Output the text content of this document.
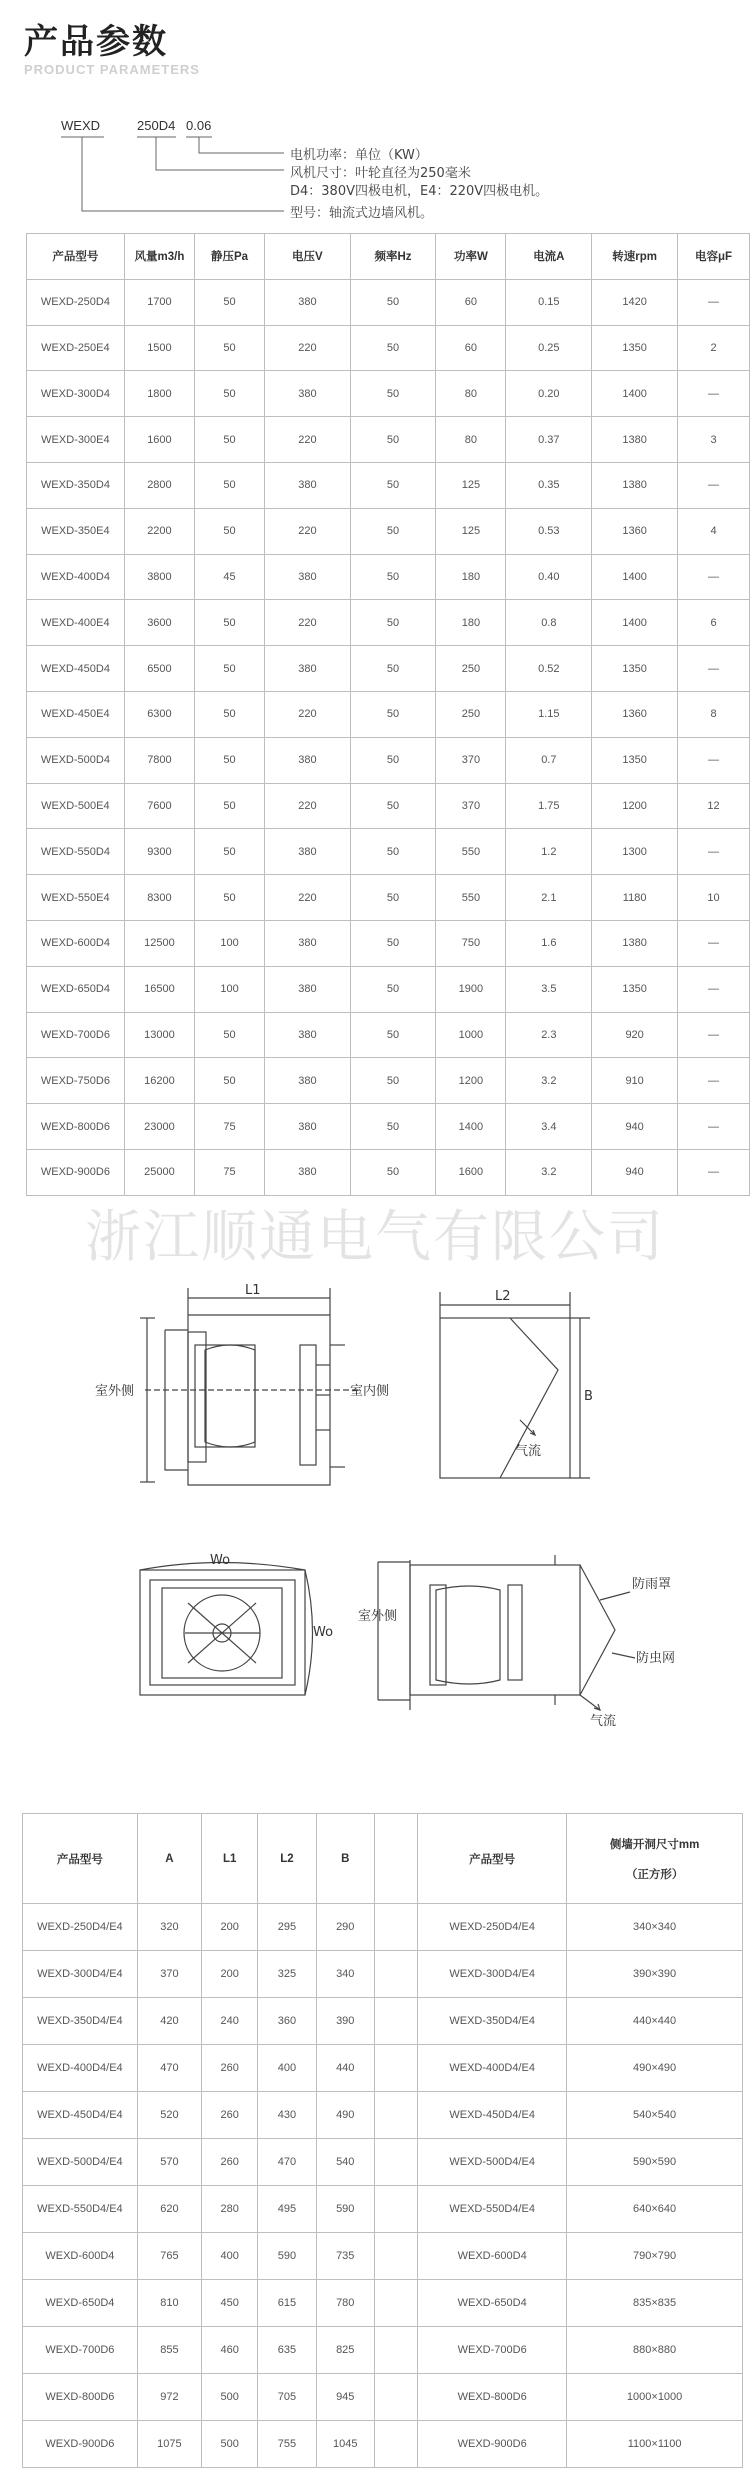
产品参数
PRODUCT PARAMETERS
WEXD	250D4 0.06
电机功率：单位（KW）
风机尺寸：叶轮直径为250毫米
D4：380V四极电机，E4：220V四极电机。
型号：轴流式边墙风机。
产品型号	风量m3/h	静压Pa	电压V	频率Hz	功率W	电流A	转速rpm	电容μF
WEXD-250D4	1700	50	380	50	60	0.15	1420	—
WEXD-250E4	1500	50	220	50	60	0.25	1350	2
WEXD-300D4	1800	50	380	50	80	0.20	1400	—
WEXD-300E4	1600	50	220	50	80	0.37	1380	3
WEXD-350D4	2800	50	380	50	125	0.35	1380	—
WEXD-350E4	2200	50	220	50	125	0.53	1360	4
WEXD-400D4	3800	45	380	50	180	0.40	1400	—
WEXD-400E4	3600	50	220	50	180	0.8	1400	6
WEXD-450D4	6500	50	380	50	250	0.52	1350	—
WEXD-450E4	6300	50	220	50	250	1.15	1360	8
WEXD-500D4	7800	50	380	50	370	0.7	1350	—
WEXD-500E4	7600	50	220	50	370	1.75	1200	12
WEXD-550D4	9300	50	380	50	550	1.2	1300	—
WEXD-550E4	8300	50	220	50	550	2.1	1180	10
WEXD-600D4	12500	100	380	50	750	1.6	1380	—
WEXD-650D4	16500	100	380	50	1900	3.5	1350	—
WEXD-700D6	13000	50	380	50	1000	2.3	920	—
WEXD-750D6	16200	50	380	50	1200	3.2	910	—
WEXD-800D6	23000	75	380	50	1400	3.4	940	—
WEXD-900D6	25000	75	380	50	1600	3.2	940	—
浙江顺通电气有限公司
L1	L2
B
Wo
Wo
室外侧	室内侧
气流
室外侧
防雨罩
防虫网
气流
产品型号	A	L1	L2	B		产品型号	侧墙开洞尺寸mm
（正方形）

WEXD-250D4/E4	320	200	295	290		WEXD-250D4/E4	340×340
WEXD-300D4/E4	370	200	325	340		WEXD-300D4/E4	390×390
WEXD-350D4/E4	420	240	360	390		WEXD-350D4/E4	440×440
WEXD-400D4/E4	470	260	400	440		WEXD-400D4/E4	490×490
WEXD-450D4/E4	520	260	430	490		WEXD-450D4/E4	540×540
WEXD-500D4/E4	570	260	470	540		WEXD-500D4/E4	590×590
WEXD-550D4/E4	620	280	495	590		WEXD-550D4/E4	640×640
WEXD-600D4	765	400	590	735		WEXD-600D4	790×790
WEXD-650D4	810	450	615	780		WEXD-650D4	835×835
WEXD-700D6	855	460	635	825		WEXD-700D6	880×880
WEXD-800D6	972	500	705	945		WEXD-800D6	1000×1000
WEXD-900D6	1075	500	755	1045		WEXD-900D6	1100×1100
